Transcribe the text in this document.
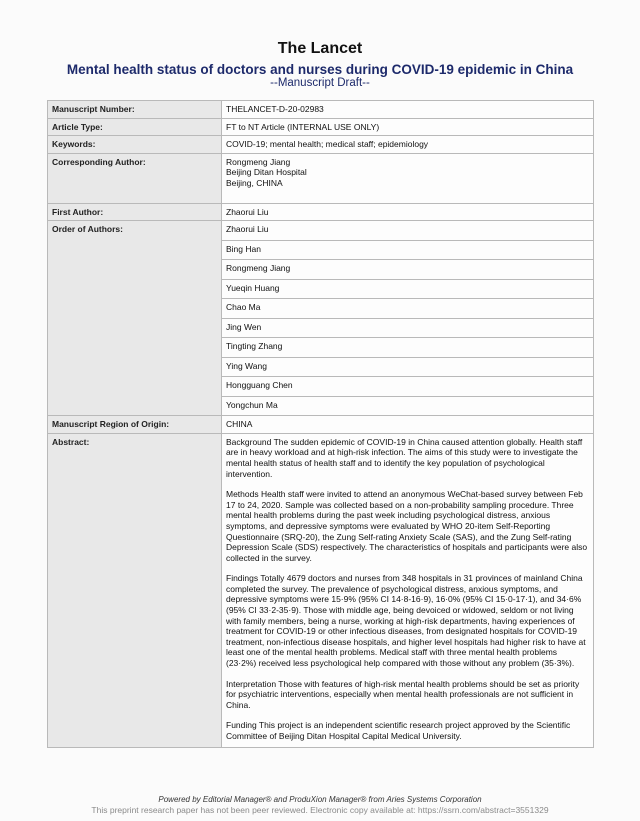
The Lancet
Mental health status of doctors and nurses during COVID-19 epidemic in China
--Manuscript Draft--
Manuscript Number:	THELANCET-D-20-02983
Article Type:	FT to NT Article (INTERNAL USE ONLY)
Keywords:	COVID-19; mental health; medical staff; epidemiology
Corresponding Author:	Rongmeng Jiang
Beijing Ditan Hospital
Beijing, CHINA

First Author:	Zhaorui Liu
Order of Authors:	Zhaorui Liu
	Bing Han
	Rongmeng Jiang
	Yueqin Huang
	Chao Ma
	Jing Wen
	Tingting Zhang
	Ying Wang
	Hongguang Chen
	Yongchun Ma
Manuscript Region of Origin:	CHINA
Abstract:	Background The sudden epidemic of COVID-19 in China caused attention globally. Health staff are in heavy workload and at high-risk infection. The aims of this study were to investigate the mental health status of health staff and to identify the key population of psychological intervention.

Methods Health staff were invited to attend an anonymous WeChat-based survey between Feb 17 to 24, 2020. Sample was collected based on a non-probability sampling procedure. Three mental health problems during the past week including psychological distress, anxious symptoms, and depressive symptoms were evaluated by WHO 20-item Self-Reporting Questionnaire (SRQ-20), the Zung Self-rating Anxiety Scale (SAS), and the Zung Self-rating Depression Scale (SDS) respectively. The characteristics of hospitals and participants were also collected in the survey.

Findings Totally 4679 doctors and nurses from 348 hospitals in 31 provinces of mainland China completed the survey. The prevalence of psychological distress, anxious symptoms, and depressive symptoms were 15·9% (95% CI 14·8-16·9), 16·0% (95% CI 15·0-17·1), and 34·6% (95% CI 33·2-35·9). Those with middle age, being devoiced or widowed, seldom or not living with family members, being a nurse, working at high-risk departments, having experiences of treatment for COVID-19 or other infectious diseases, from designated hospitals for COVID-19 treatment, non-infectious disease hospitals, and higher level hospitals had higher risk to have at least one of the mental health problems. Medical staff with three mental health problems (23·2%) received less psychological help compared with those without any problem (35·3%).

Interpretation Those with features of high-risk mental health problems should be set as priority for psychiatric interventions, especially when mental health professionals are not sufficient in China.

Funding This project is an independent scientific research project approved by the Scientific Committee of Beijing Ditan Hospital Capital Medical University.

Powered by Editorial Manager® and ProduXion Manager® from Aries Systems Corporation
This preprint research paper has not been peer reviewed. Electronic copy available at: https://ssrn.com/abstract=3551329
